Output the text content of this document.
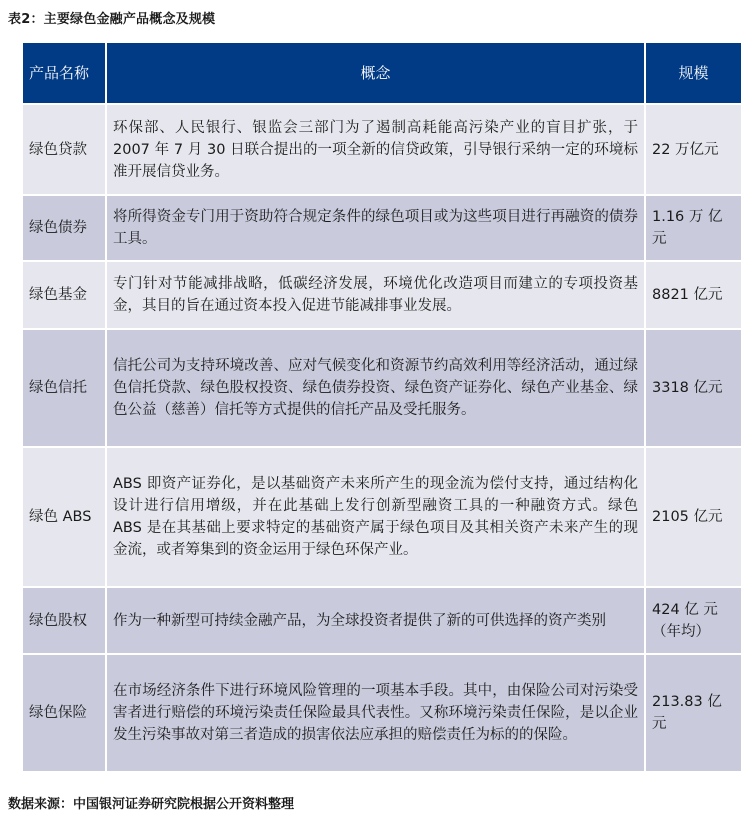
表2：主要绿色金融产品概念及规模
产品名称	概念	规模
绿色贷款	环保部、人民银行、银监会三部门为了遏制高耗能高污染产业的盲目扩张，于 2007 年 7 月 30 日联合提出的一项全新的信贷政策，引导银行采纳一定的环境标准开展信贷业务。	22 万亿元
绿色债券	将所得资金专门用于资助符合规定条件的绿色项目或为这些项目进行再融资的债券工具。	1.16 万 亿元
绿色基金	专门针对节能减排战略，低碳经济发展，环境优化改造项目而建立的专项投资基金，其目的旨在通过资本投入促进节能减排事业发展。	8821 亿元
绿色信托	信托公司为支持环境改善、应对气候变化和资源节约高效利用等经济活动，通过绿色信托贷款、绿色股权投资、绿色债券投资、绿色资产证券化、绿色产业基金、绿色公益（慈善）信托等方式提供的信托产品及受托服务。	3318 亿元
绿色 ABS	ABS 即资产证券化，是以基础资产未来所产生的现金流为偿付支持，通过结构化设计进行信用增级，并在此基础上发行创新型融资工具的一种融资方式。绿色 ABS 是在其基础上要求特定的基础资产属于绿色项目及其相关资产未来产生的现金流，或者筹集到的资金运用于绿色环保产业。	2105 亿元
绿色股权	作为一种新型可持续金融产品，为全球投资者提供了新的可供选择的资产类别	424 亿 元（年均）
绿色保险	在市场经济条件下进行环境风险管理的一项基本手段。其中，由保险公司对污染受害者进行赔偿的环境污染责任保险最具代表性。又称环境污染责任保险，是以企业发生污染事故对第三者造成的损害依法应承担的赔偿责任为标的的保险。	213.83 亿元
数据来源：中国银河证券研究院根据公开资料整理
